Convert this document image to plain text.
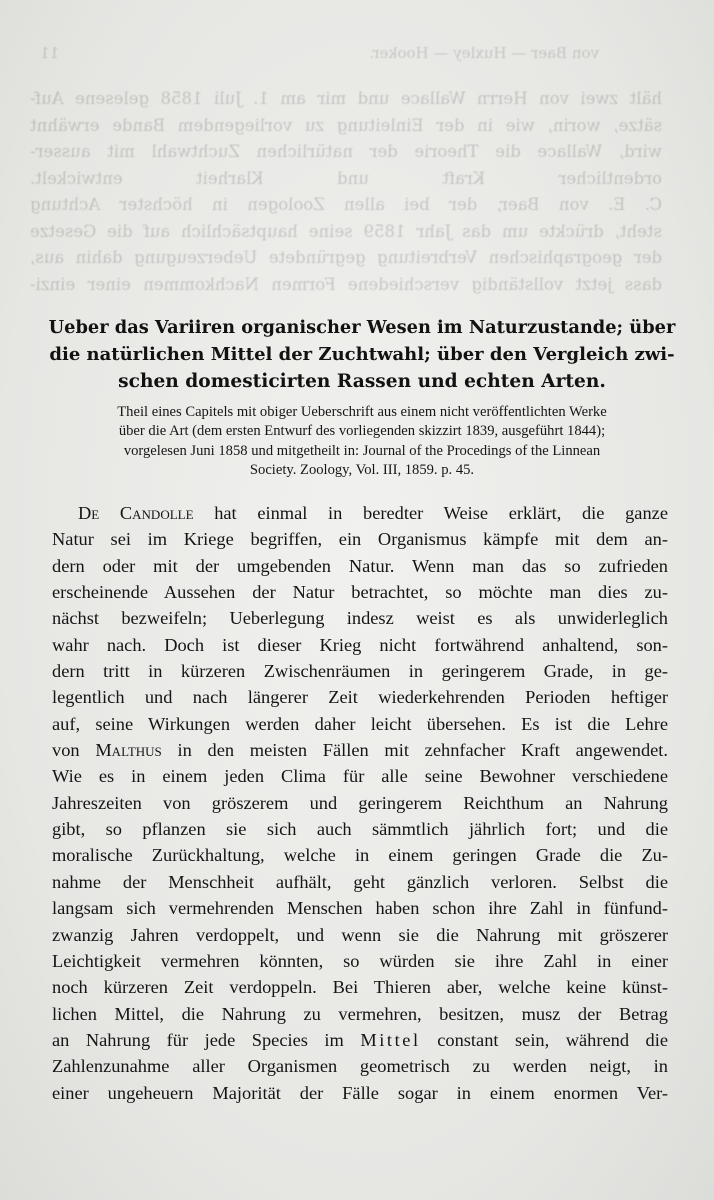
von Baer — Huxley — Hooker.
11
hält zwei von Herrn Wallace und mir am 1. Juli 1858 gelesene Auf-
sätze, worin, wie in der Einleitung zu vorliegendem Bande erwähnt
wird, Wallace die Theorie der natürlichen Zuchtwahl mit ausser-
ordentlicher Kraft und Klarheit entwickelt.
C. E. von Baer, der bei allen Zoologen in höchster Achtung
steht, drückte um das Jahr 1859 seine hauptsächlich auf die Gesetze
der geographischen Verbreitung gegründete Ueberzeugung dahin aus,
dass jetzt vollständig verschiedene Formen Nachkommen einer einzi-
Ueber das Variiren organischer Wesen im Naturzustande; über
die natürlichen Mittel der Zuchtwahl; über den Vergleich zwi-
schen domesticirten Rassen und echten Arten.
Theil eines Capitels mit obiger Ueberschrift aus einem nicht veröffentlichten Werke
über die Art (dem ersten Entwurf des vorliegenden skizzirt 1839, ausgeführt 1844);
vorgelesen Juni 1858 und mitgetheilt in: Journal of the Procedings of the Linnean
Society. Zoology, Vol. III, 1859. p. 45.
De Candolle hat einmal in beredter Weise erklärt, die ganze
Natur sei im Kriege begriffen, ein Organismus kämpfe mit dem an-
dern oder mit der umgebenden Natur. Wenn man das so zufrieden
erscheinende Aussehen der Natur betrachtet, so möchte man dies zu-
nächst bezweifeln; Ueberlegung indesz weist es als unwiderleglich
wahr nach. Doch ist dieser Krieg nicht fortwährend anhaltend, son-
dern tritt in kürzeren Zwischenräumen in geringerem Grade, in ge-
legentlich und nach längerer Zeit wiederkehrenden Perioden heftiger
auf, seine Wirkungen werden daher leicht übersehen. Es ist die Lehre
von Malthus in den meisten Fällen mit zehnfacher Kraft angewendet.
Wie es in einem jeden Clima für alle seine Bewohner verschiedene
Jahreszeiten von gröszerem und geringerem Reichthum an Nahrung
gibt, so pflanzen sie sich auch sämmtlich jährlich fort; und die
moralische Zurückhaltung, welche in einem geringen Grade die Zu-
nahme der Menschheit aufhält, geht gänzlich verloren. Selbst die
langsam sich vermehrenden Menschen haben schon ihre Zahl in fünfund-
zwanzig Jahren verdoppelt, und wenn sie die Nahrung mit gröszerer
Leichtigkeit vermehren könnten, so würden sie ihre Zahl in einer
noch kürzeren Zeit verdoppeln. Bei Thieren aber, welche keine künst-
lichen Mittel, die Nahrung zu vermehren, besitzen, musz der Betrag
an Nahrung für jede Species im Mittel constant sein, während die
Zahlenzunahme aller Organismen geometrisch zu werden neigt, in
einer ungeheuern Majorität der Fälle sogar in einem enormen Ver-
